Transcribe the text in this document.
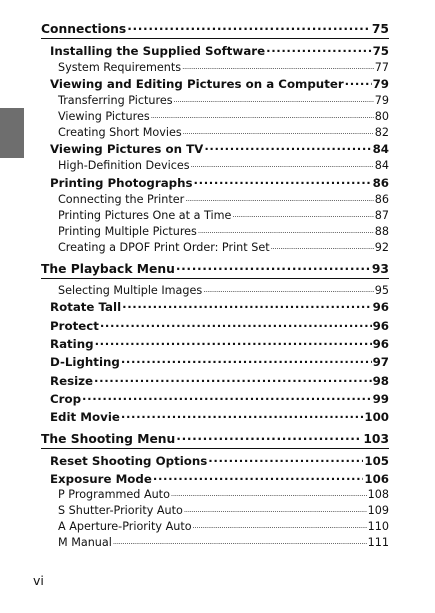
Connections .....	75
Installing the Supplied Software .....	75
System Requirements .....	77
Viewing and Editing Pictures on a Computer ..... 79
Transferring Pictures .....	79
Viewing Pictures .....	80
Creating Short Movies .....	82
Viewing Pictures on TV .....	84
High-Definition Devices .....	84
Printing Photographs .....	86
Connecting the Printer .....	86
Printing Pictures One at a Time .....	87
Printing Multiple Pictures .....	88
Creating a DPOF Print Order: Print Set .....	92
The Playback Menu .....	93
Selecting Multiple Images .....	95
Rotate Tall .....	96
Protect .....	96
Rating .....	96
D-Lighting .....	97
Resize .....	98
Crop .....	99
Edit Movie .....	100
The Shooting Menu .....	103
Reset Shooting Options .....	105
Exposure Mode .....	106
P Programmed Auto .....	108
S Shutter-Priority Auto .....	109
A Aperture-Priority Auto .....	110
M Manual .....	111
vi
